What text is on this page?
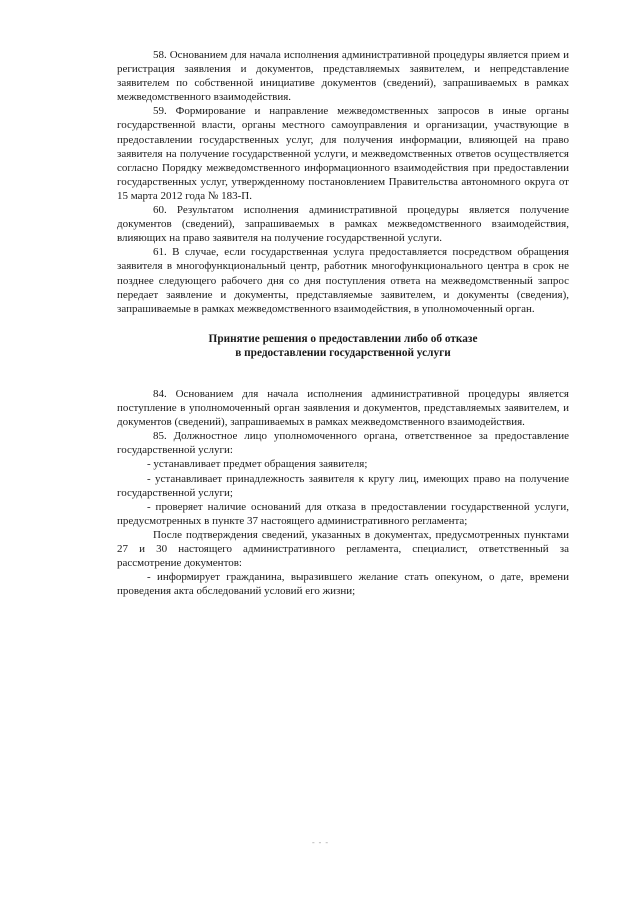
58. Основанием для начала исполнения административной процедуры является прием и регистрация заявления и документов, представляемых заявителем, и непредставление заявителем по собственной инициативе документов (сведений), запрашиваемых в рамках межведомственного взаимодействия.

59. Формирование и направление межведомственных запросов в иные органы государственной власти, органы местного самоуправления и организации, участвующие в предоставлении государственных услуг, для получения информации, влияющей на право заявителя на получение государственной услуги, и межведомственных ответов осуществляется согласно Порядку межведомственного информационного взаимодействия при предоставлении государственных услуг, утвержденному постановлением Правительства автономного округа от 15 марта 2012 года № 183-П.

60. Результатом исполнения административной процедуры является получение документов (сведений), запрашиваемых в рамках межведомственного взаимодействия, влияющих на право заявителя на получение государственной услуги.

61. В случае, если государственная услуга предоставляется посредством обращения заявителя в многофункциональный центр, работник многофункционального центра в срок не позднее следующего рабочего дня со дня поступления ответа на межведомственный запрос передает заявление и документы, представляемые заявителем, и документы (сведения), запрашиваемые в рамках межведомственного взаимодействия, в уполномоченный орган.

Принятие решения о предоставлении либо об отказе
в предоставлении государственной услуги

84. Основанием для начала исполнения административной процедуры является поступление в уполномоченный орган заявления и документов, представляемых заявителем, и документов (сведений), запрашиваемых в рамках межведомственного взаимодействия.

85. Должностное лицо уполномоченного органа, ответственное за предоставление государственной услуги:

- устанавливает предмет обращения заявителя;

- устанавливает принадлежность заявителя к кругу лиц, имеющих право на получение государственной услуги;

- проверяет наличие оснований для отказа в предоставлении государственной услуги, предусмотренных в пункте 37 настоящего административного регламента;

После подтверждения сведений, указанных в документах, предусмотренных пунктами 27 и 30 настоящего административного регламента, специалист, ответственный за рассмотрение документов:

- информирует гражданина, выразившего желание стать опекуном, о дате, времени проведения акта обследований условий его жизни;

- - -
